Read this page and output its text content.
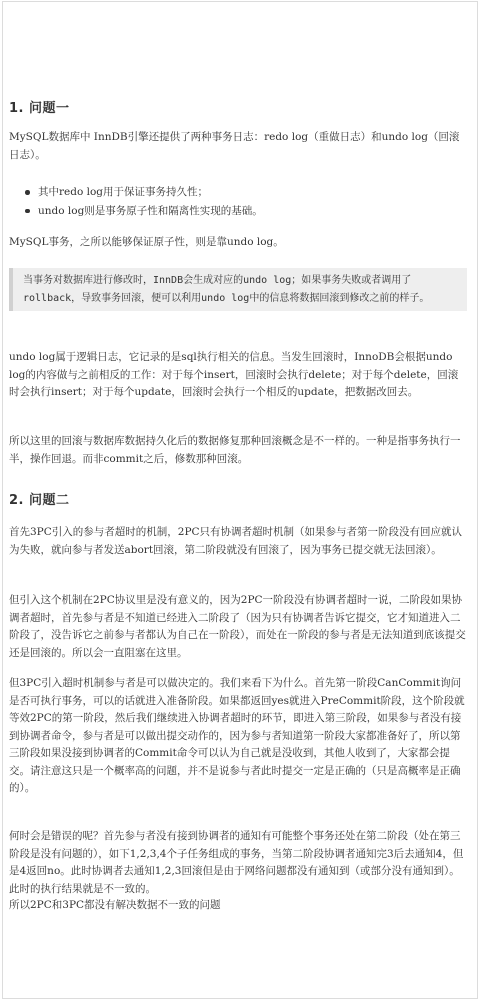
1. 问题一
MySQL数据库中 InnDB引擎还提供了两种事务日志：redo log（重做日志）和undo log（回滚日志）。
其中redo log用于保证事务持久性；
undo log则是事务原子性和隔离性实现的基础。
MySQL事务，之所以能够保证原子性，则是靠undo log。
当事务对数据库进行修改时，InnDB会生成对应的undo log；如果事务失败或者调用了rollback，导致事务回滚，便可以利用undo log中的信息将数据回滚到修改之前的样子。
undo log属于逻辑日志，它记录的是sql执行相关的信息。当发生回滚时，InnoDB会根据undo log的内容做与之前相反的工作：对于每个insert，回滚时会执行delete；对于每个delete，回滚时会执行insert；对于每个update，回滚时会执行一个相反的update，把数据改回去。
所以这里的回滚与数据库数据持久化后的数据修复那种回滚概念是不一样的。一种是指事务执行一半，操作回退。而非commit之后，修数那种回滚。
2. 问题二
首先3PC引入的参与者超时的机制，2PC只有协调者超时机制（如果参与者第一阶段没有回应就认为失败，就向参与者发送abort回滚，第二阶段就没有回滚了，因为事务已提交就无法回滚）。
但引入这个机制在2PC协议里是没有意义的，因为2PC一阶段没有协调者超时一说，二阶段如果协调者超时，首先参与者是不知道已经进入二阶段了（因为只有协调者告诉它提交，它才知道进入二阶段了，没告诉它之前参与者都认为自己在一阶段），而处在一阶段的参与者是无法知道到底该提交还是回滚的。所以会一直阻塞在这里。
但3PC引入超时机制参与者是可以做决定的。我们来看下为什么。首先第一阶段CanCommit询问是否可执行事务，可以的话就进入准备阶段。如果都返回yes就进入PreCommit阶段，这个阶段就等效2PC的第一阶段，然后我们继续进入协调者超时的环节，即进入第三阶段，如果参与者没有接到协调者命令，参与者是可以做出提交动作的，因为参与者知道第一阶段大家都准备好了，所以第三阶段如果没接到协调者的Commit命令可以认为自己就是没收到，其他人收到了，大家都会提交。请注意这只是一个概率高的问题，并不是说参与者此时提交一定是正确的（只是高概率是正确的）。
何时会是错误的呢？首先参与者没有接到协调者的通知有可能整个事务还处在第二阶段（处在第三阶段是没有问题的），如下1,2,3,4个子任务组成的事务，当第二阶段协调者通知完3后去通知4，但是4返回no。此时协调者去通知1,2,3回滚但是由于网络问题都没有通知到（或部分没有通知到）。此时的执行结果就是不一致的。
所以2PC和3PC都没有解决数据不一致的问题
